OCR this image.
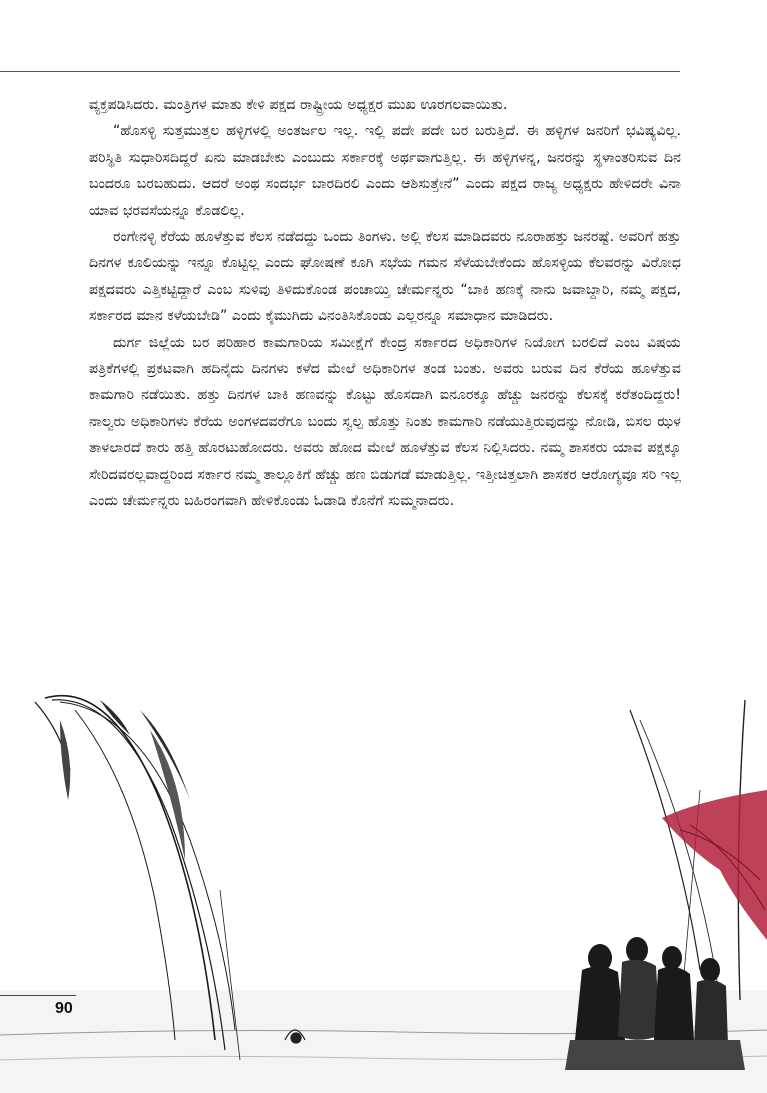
ವ್ಯಕ್ತಪಡಿಸಿದರು. ಮಂತ್ರಿಗಳ ಮಾತು ಕೇಳಿ ಪಕ್ಷದ ರಾಷ್ಟ್ರೀಯ ಅಧ್ಯಕ್ಷರ ಮುಖ ಊರಗಲವಾಯಿತು.

“ಹೊಸಳ್ಳಿ ಸುತ್ತಮುತ್ತಲ ಹಳ್ಳಿಗಳಲ್ಲಿ ಅಂತರ್ಜಲ ಇಲ್ಲ. ಇಲ್ಲಿ ಪದೇ ಪದೇ ಬರ ಬರುತ್ತಿದೆ. ಈ ಹಳ್ಳಿಗಳ ಜನರಿಗೆ ಭವಿಷ್ಯವಿಲ್ಲ. ಪರಿಸ್ಥಿತಿ ಸುಧಾರಿಸದಿದ್ದರೆ ಏನು ಮಾಡಬೇಕು ಎಂಬುದು ಸರ್ಕಾರಕ್ಕೆ ಅರ್ಥವಾಗುತ್ತಿಲ್ಲ. ಈ ಹಳ್ಳಿಗಳನ್ನ, ಜನರನ್ನು ಸ್ಥಳಾಂತರಿಸುವ ದಿನ ಬಂದರೂ ಬರಬಹುದು. ಆದರೆ ಅಂಥ ಸಂದರ್ಭ ಬಾರದಿರಲಿ ಎಂದು ಆಶಿಸುತ್ತೇನೆ” ಎಂದು ಪಕ್ಷದ ರಾಜ್ಯ ಅಧ್ಯಕ್ಷರು ಹೇಳಿದರೇ ವಿನಾ ಯಾವ ಭರವಸೆಯನ್ನೂ ಕೊಡಲಿಲ್ಲ.

ರಂಗೇನಳ್ಳಿ ಕೆರೆಯ ಹೂಳೆತ್ತುವ ಕೆಲಸ ನಡೆದದ್ದು ಒಂದು ತಿಂಗಳು. ಅಲ್ಲಿ ಕೆಲಸ ಮಾಡಿದವರು ನೂರಾಹತ್ತು ಜನರಷ್ಟೆ. ಅವರಿಗೆ ಹತ್ತು ದಿನಗಳ ಕೂಲಿಯನ್ನು ಇನ್ನೂ ಕೊಟ್ಟಿಲ್ಲ ಎಂದು ಘೋಷಣೆ ಕೂಗಿ ಸಭೆಯ ಗಮನ ಸೆಳೆಯಬೇಕೆಂದು ಹೊಸಳ್ಳಿಯ ಕೆಲವರನ್ನು ವಿರೋಧ ಪಕ್ಷದವರು ಎತ್ತಿಕಟ್ಟಿದ್ದಾರೆ ಎಂಬ ಸುಳಿವು ತಿಳಿದುಕೊಂಡ ಪಂಚಾಯ್ತಿ ಚೇರ್ಮನ್ನರು “ಬಾಕಿ ಹಣಕ್ಕೆ ನಾನು ಜವಾಬ್ದಾರಿ, ನಮ್ಮ ಪಕ್ಷದ, ಸರ್ಕಾರದ ಮಾನ ಕಳೆಯಬೇಡಿ” ಎಂದು ಕೈಮುಗಿದು ವಿನಂತಿಸಿಕೊಂಡು ಎಲ್ಲರನ್ನೂ ಸಮಾಧಾನ ಮಾಡಿದರು.

ದುರ್ಗ ಜಿಲ್ಲೆಯ ಬರ ಪರಿಹಾರ ಕಾಮಗಾರಿಯ ಸಮೀಕ್ಷೆಗೆ ಕೇಂದ್ರ ಸರ್ಕಾರದ ಅಧಿಕಾರಿಗಳ ನಿಯೋಗ ಬರಲಿದೆ ಎಂಬ ವಿಷಯ ಪತ್ರಿಕೆಗಳಲ್ಲಿ ಪ್ರಕಟವಾಗಿ ಹದಿನೈದು ದಿನಗಳು ಕಳೆದ ಮೇಲೆ ಅಧಿಕಾರಿಗಳ ತಂಡ ಬಂತು. ಅವರು ಬರುವ ದಿನ ಕೆರೆಯ ಹೂಳೆತ್ತುವ ಕಾಮಗಾರಿ ನಡೆಯಿತು. ಹತ್ತು ದಿನಗಳ ಬಾಕಿ ಹಣವನ್ನು ಕೊಟ್ಟು ಹೊಸದಾಗಿ ಐನೂರಕ್ಕೂ ಹೆಚ್ಚು ಜನರನ್ನು ಕೆಲಸಕ್ಕೆ ಕರೆತಂದಿದ್ದರು! ನಾಲ್ವರು ಅಧಿಕಾರಿಗಳು ಕೆರೆಯ ಅಂಗಳದವರೆಗೂ ಬಂದು ಸ್ವಲ್ಪ ಹೊತ್ತು ನಿಂತು ಕಾಮಗಾರಿ ನಡೆಯುತ್ತಿರುವುದನ್ನು ನೋಡಿ, ಬಿಸಲ ಝಳ ತಾಳಲಾರದೆ ಕಾರು ಹತ್ತಿ ಹೊರಟುಹೋದರು. ಅವರು ಹೋದ ಮೇಲೆ ಹೂಳೆತ್ತುವ ಕೆಲಸ ನಿಲ್ಲಿಸಿದರು. ನಮ್ಮ ಶಾಸಕರು ಯಾವ ಪಕ್ಷಕ್ಕೂ ಸೇರಿದವರಲ್ಲವಾದ್ದರಿಂದ ಸರ್ಕಾರ ನಮ್ಮ ತಾಲ್ಲೂಕಿಗೆ ಹೆಚ್ಚು ಹಣ ಬಿಡುಗಡೆ ಮಾಡುತ್ತಿಲ್ಲ. ಇತ್ತೀಚಿತ್ತಲಾಗಿ ಶಾಸಕರ ಆರೋಗ್ಯವೂ ಸರಿ ಇಲ್ಲ ಎಂದು ಚೇರ್ಮನ್ನರು ಬಹಿರಂಗವಾಗಿ ಹೇಳಿಕೊಂಡು ಓಡಾಡಿ ಕೊನೆಗೆ ಸುಮ್ಮನಾದರು.

90
